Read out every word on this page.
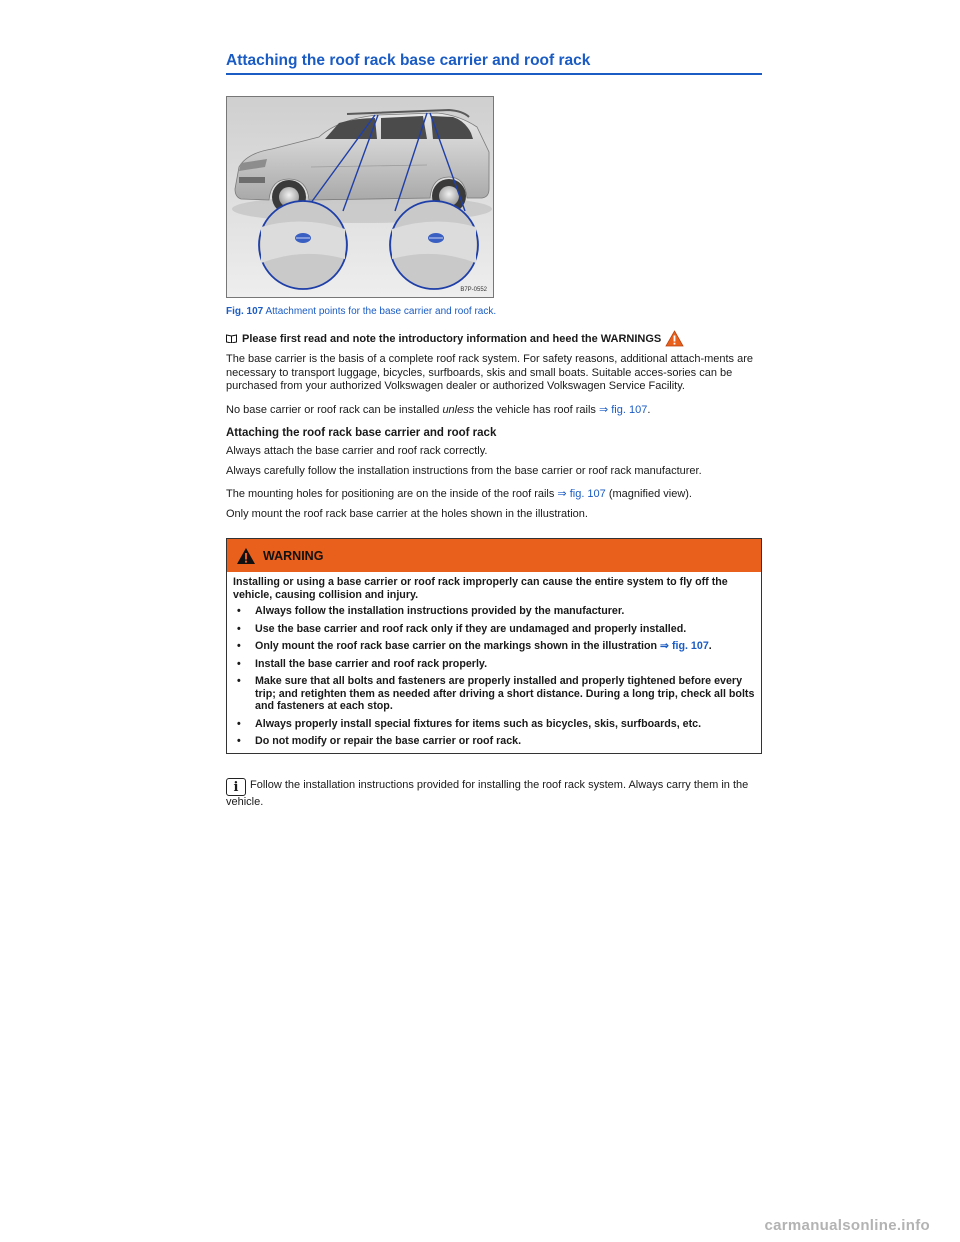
Attaching the roof rack base carrier and roof rack
B7P-0552
Fig. 107 Attachment points for the base carrier and roof rack.
Please first read and note the introductory information and heed the WARNINGS

The base carrier is the basis of a complete roof rack system. For safety reasons, additional attach-ments are necessary to transport luggage, bicycles, surfboards, skis and small boats. Suitable acces-sories can be purchased from your authorized Volkswagen dealer or authorized Volkswagen Service Facility.

No base carrier or roof rack can be installed unless the vehicle has roof rails ⇒ fig. 107.

Attaching the roof rack base carrier and roof rack

Always attach the base carrier and roof rack correctly.

Always carefully follow the installation instructions from the base carrier or roof rack manufacturer.

The mounting holes for positioning are on the inside of the roof rails ⇒ fig. 107 (magnified view).

Only mount the roof rack base carrier at the holes shown in the illustration.

WARNING

Installing or using a base carrier or roof rack improperly can cause the entire system to fly off the vehicle, causing collision and injury.

•	Always follow the installation instructions provided by the manufacturer.
•	Use the base carrier and roof rack only if they are undamaged and properly installed.
•	Only mount the roof rack base carrier on the markings shown in the illustration ⇒ fig. 107.
•	Install the base carrier and roof rack properly.
•	Make sure that all bolts and fasteners are properly installed and properly tightened before every trip; and retighten them as needed after driving a short distance. During a long trip, check all bolts and fasteners at each stop.
•	Always properly install special fixtures for items such as bicycles, skis, surfboards, etc.
•	Do not modify or repair the base carrier or roof rack.
i Follow the installation instructions provided for installing the roof rack system. Always carry them in the vehicle.
carmanualsonline.info
